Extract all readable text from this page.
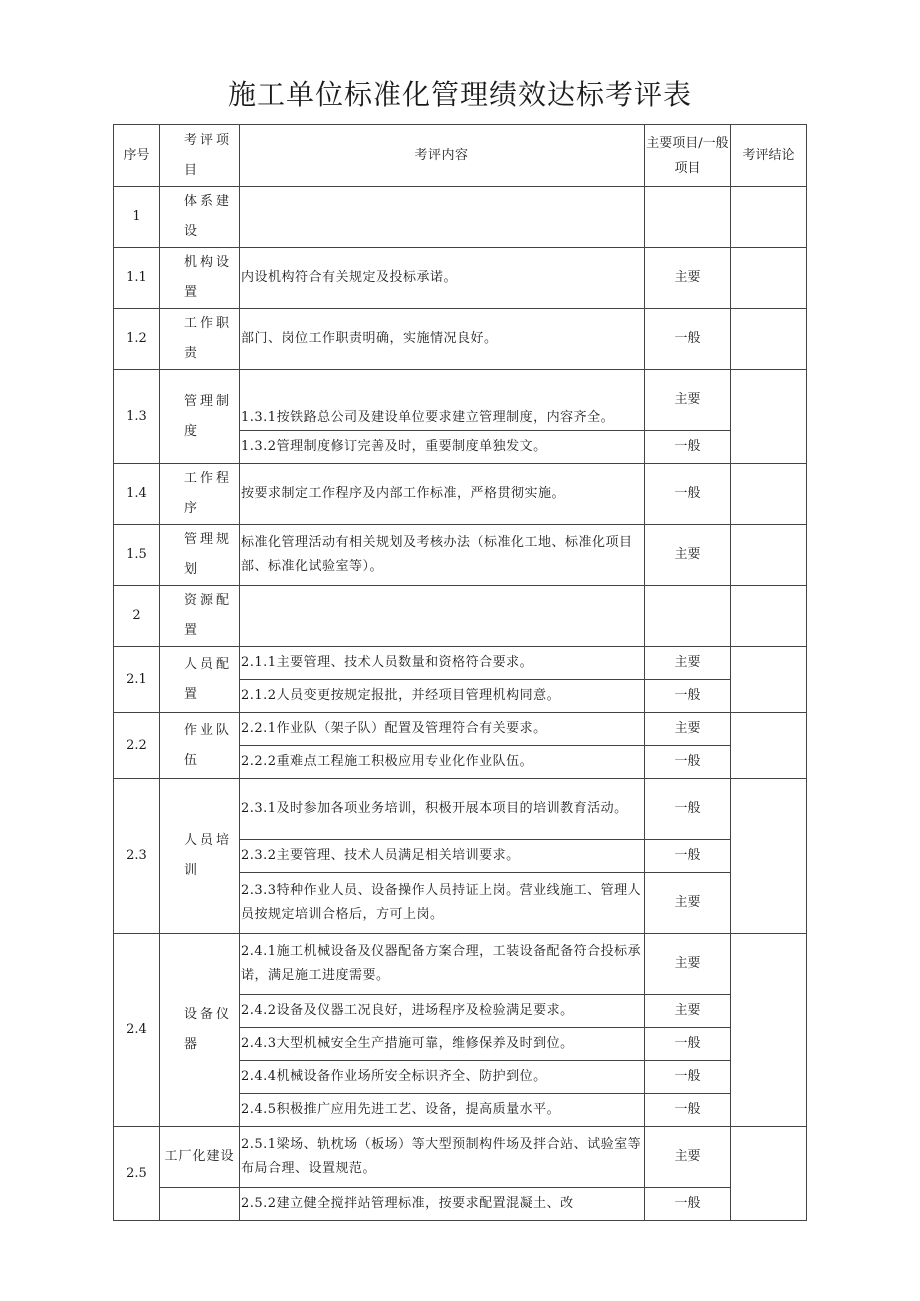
施工单位标准化管理绩效达标考评表
序号	考评项目	考评内容	主要项目/一般项目	考评结论
1	体系建设			
1.1	机构设置	内设机构符合有关规定及投标承诺。	主要	
1.2	工作职责	部门、岗位工作职责明确，实施情况良好。	一般	
1.3	管理制度	1.3.1按铁路总公司及建设单位要求建立管理制度，内容齐全。	主要	
		1.3.2管理制度修订完善及时，重要制度单独发文。	一般	
1.4	工作程序	按要求制定工作程序及内部工作标准，严格贯彻实施。	一般	
1.5	管理规划	标准化管理活动有相关规划及考核办法（标准化工地、标准化项目部、标准化试验室等）。	主要	
2	资源配置			
2.1	人员配置	2.1.1主要管理、技术人员数量和资格符合要求。	主要	
		2.1.2人员变更按规定报批，并经项目管理机构同意。	一般	
2.2	作业队伍	2.2.1作业队（架子队）配置及管理符合有关要求。	主要	
		2.2.2重难点工程施工积极应用专业化作业队伍。	一般	
2.3	人员培训	2.3.1及时参加各项业务培训，积极开展本项目的培训教育活动。	一般	
		2.3.2主要管理、技术人员满足相关培训要求。	一般	
		2.3.3特种作业人员、设备操作人员持证上岗。营业线施工、管理人员按规定培训合格后，方可上岗。	主要	
2.4	设备仪器	2.4.1施工机械设备及仪器配备方案合理，工装设备配备符合投标承诺，满足施工进度需要。	主要	
		2.4.2设备及仪器工况良好，进场程序及检验满足要求。	主要	
		2.4.3大型机械安全生产措施可靠，维修保养及时到位。	一般	
		2.4.4机械设备作业场所安全标识齐全、防护到位。	一般	
		2.4.5积极推广应用先进工艺、设备，提高质量水平。	一般	
2.5	工厂化建设	2.5.1梁场、轨枕场（板场）等大型预制构件场及拌合站、试验室等布局合理、设置规范。	主要	
		2.5.2建立健全搅拌站管理标准，按要求配置混凝土、改	一般	
